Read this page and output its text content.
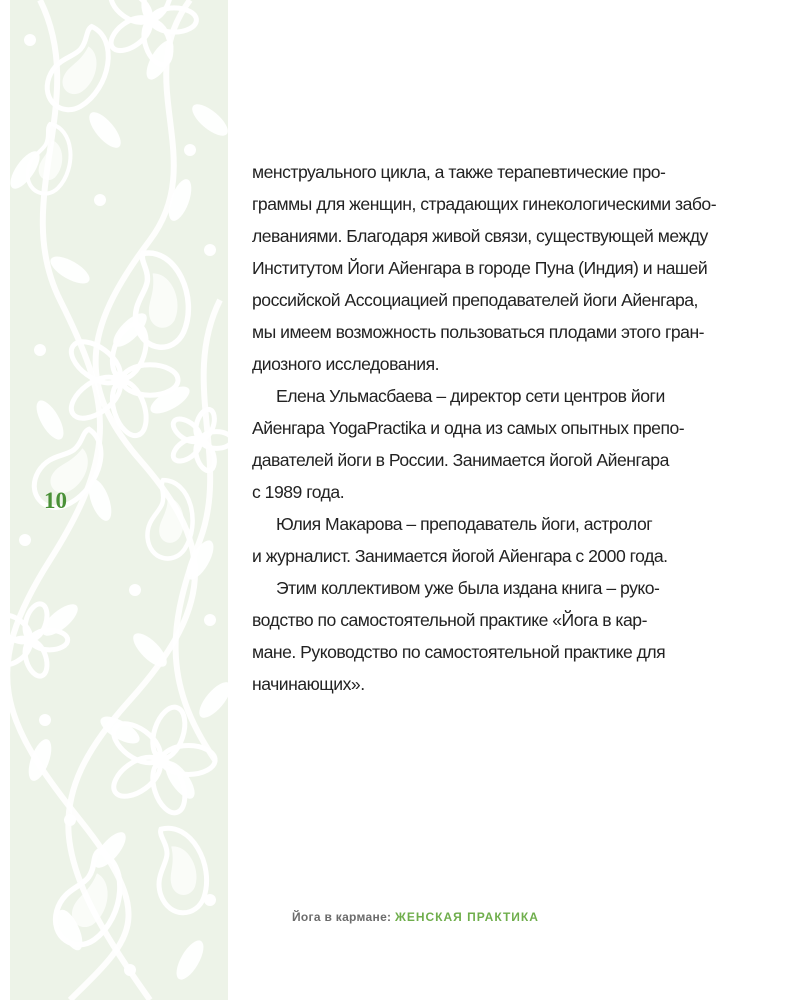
10
менструального цикла, а также терапевтические про-
граммы для женщин, страдающих гинекологическими забо-
леваниями. Благодаря живой связи, существующей между
Институтом Йоги Айенгара в городе Пуна (Индия) и нашей
российской Ассоциацией преподавателей йоги Айенгара,
мы имеем возможность пользоваться плодами этого гран-
диозного исследования.
Елена Ульмасбаева – директор сети центров йоги
Айенгара YogaPractika и одна из самых опытных препо-
давателей йоги в России. Занимается йогой Айенгара
с 1989 года.
Юлия Макарова – преподаватель йоги, астролог
и журналист. Занимается йогой Айенгара с 2000 года.
Этим коллективом уже была издана книга – руко-
водство по самостоятельной практике «Йога в кар-
мане. Руководство по самостоятельной практике для
начинающих».
Йога в кармане: ЖЕНСКАЯ ПРАКТИКА
